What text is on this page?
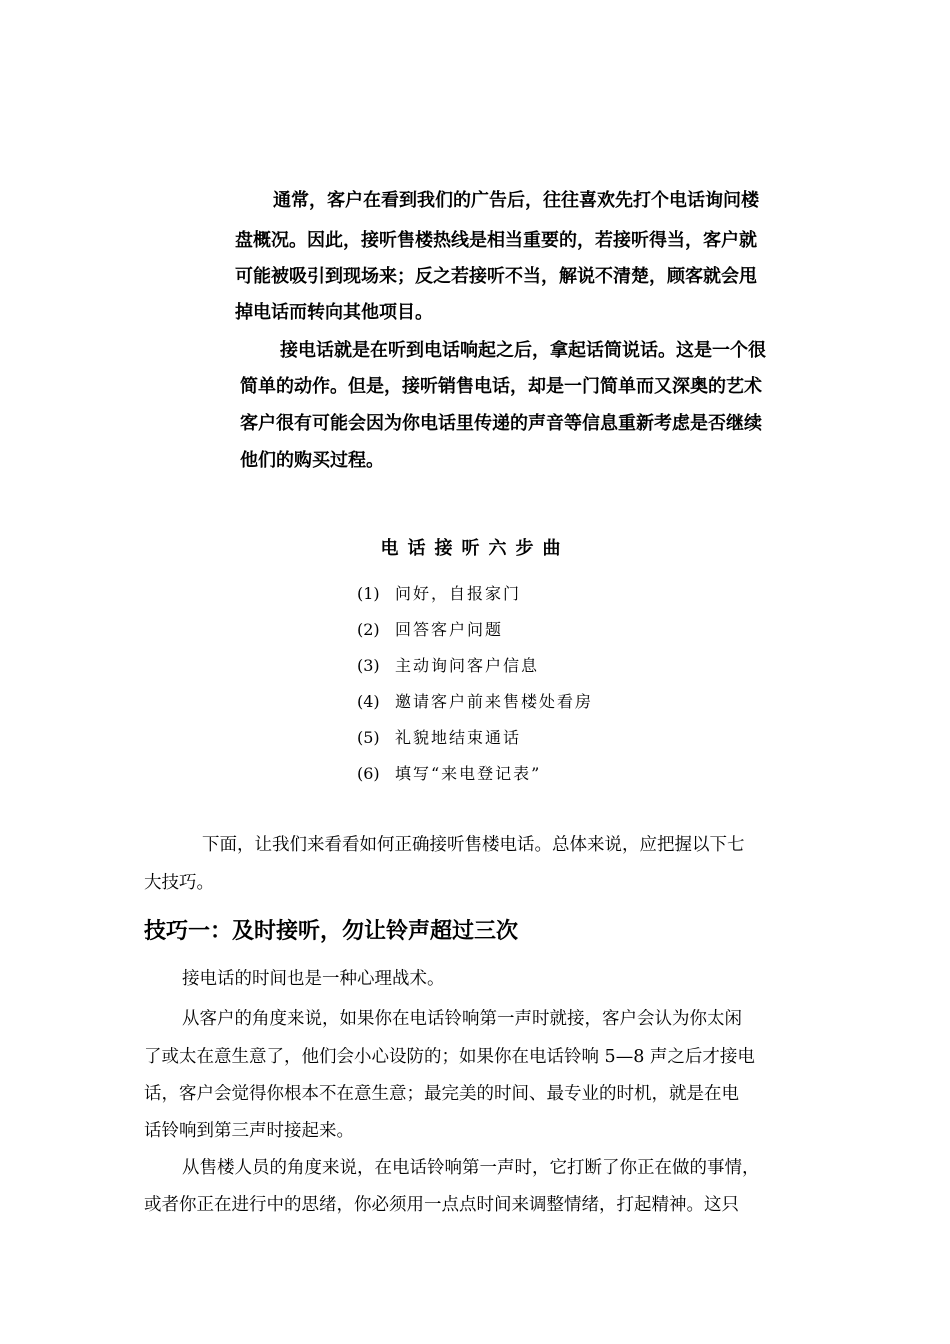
通常，客户在看到我们的广告后，往往喜欢先打个电话询问楼
盘概况。因此，接听售楼热线是相当重要的，若接听得当，客户就
可能被吸引到现场来；反之若接听不当，解说不清楚，顾客就会甩
掉电话而转向其他项目。
接电话就是在听到电话响起之后，拿起话筒说话。这是一个很
简单的动作。但是，接听销售电话，却是一门简单而又深奥的艺术
客户很有可能会因为你电话里传递的声音等信息重新考虑是否继续
他们的购买过程。
电话接听六步曲
(1) 问好，自报家门
(2) 回答客户问题
(3) 主动询问客户信息
(4) 邀请客户前来售楼处看房
(5) 礼貌地结束通话
(6) 填写“来电登记表”
下面，让我们来看看如何正确接听售楼电话。总体来说，应把握以下七
大技巧。
技巧一：及时接听，勿让铃声超过三次
接电话的时间也是一种心理战术。
从客户的角度来说，如果你在电话铃响第一声时就接，客户会认为你太闲
了或太在意生意了，他们会小心设防的；如果你在电话铃响 5—8 声之后才接电
话，客户会觉得你根本不在意生意；最完美的时间、最专业的时机，就是在电
话铃响到第三声时接起来。
从售楼人员的角度来说，在电话铃响第一声时，它打断了你正在做的事情，
或者你正在进行中的思绪，你必须用一点点时间来调整情绪，打起精神。这只
